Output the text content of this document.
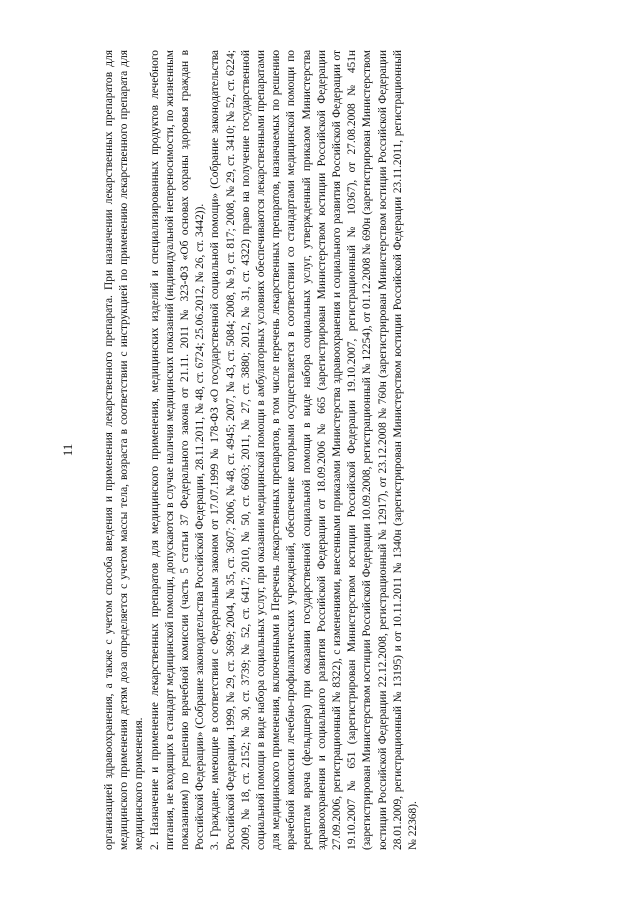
11 организацией здравоохранения, а также с учетом способа введения и применения лекарственного препарата. При назначении лекарственных препаратов для медицинского применения детям доза определяется с учетом массы тела, возраста в соответствии с инструкцией по применению лекарственного препарата для медицинского применения. 2. Назначение и применение лекарственных препаратов для медицинского применения, медицинских изделий и специализированных продуктов лечебного питания, не входящих в стандарт медицинской помощи, допускаются в случае наличия медицинских показаний (индивидуальной непереносимости, по жизненным показаниям) по решению врачебной комиссии (часть 5 статьи 37 Федерального закона от 21.11. 2011 № 323-ФЗ «Об основах охраны здоровья граждан в Российской Федерации» (Собрание законодательства Российской Федерации, 28.11.2011, № 48, ст. 6724; 25.06.2012, № 26, ст. 3442)). 3. Граждане, имеющие в соответствии с Федеральным законом от 17.07.1999 № 178-ФЗ «О государственной социальной помощи» (Собрание законодательства Российской Федерации, 1999, № 29, ст. 3699; 2004, № 35, ст. 3607; 2006, № 48, ст. 4945; 2007, № 43, ст. 5084; 2008, № 9, ст. 817; 2008, № 29, ст. 3410; № 52, ст. 6224; 2009, № 18, ст. 2152; № 30, ст. 3739; № 52, ст. 6417; 2010, № 50, ст. 6603; 2011, № 27, ст. 3880; 2012, № 31, ст. 4322) право на получение государственной социальной помощи в виде набора социальных услуг, при оказании медицинской помощи в амбулаторных условиях обеспечиваются лекарственными препаратами для медицинского применения, включенными в Перечень лекарственных препаратов, в том числе перечень лекарственных препаратов, назначаемых по решению врачебной комиссии лечебно-профилактических учреждений, обеспечение которыми осуществляется в соответствии со стандартами медицинской помощи по рецептам врача (фельдшера) при оказании государственной социальной помощи в виде набора социальных услуг, утвержденный приказом Министерства здравоохранения и социального развития Российской Федерации от 18.09.2006 № 665 (зарегистрирован Министерством юстиции Российской Федерации 27.09.2006, регистрационный № 8322), с изменениями, внесенными приказами Министерства здравоохранения и социального развития Российской Федерации от 19.10.2007 № 651 (зарегистрирован Министерством юстиции Российской Федерации 19.10.2007, регистрационный № 10367), от 27.08.2008 № 451н (зарегистрирован Министерством юстиции Российской Федерации 10.09.2008, регистрационный № 12254), от 01.12.2008 № 690н (зарегистрирован Министерством юстиции Российской Федерации 22.12.2008, регистрационный № 12917), от 23.12.2008 № 760н (зарегистрирован Министерством юстиции Российской Федерации 28.01.2009, регистрационный № 13195) и от 10.11.2011 № 1340н (зарегистрирован Министерством юстиции Российской Федерации 23.11.2011, регистрационный № 22368).
